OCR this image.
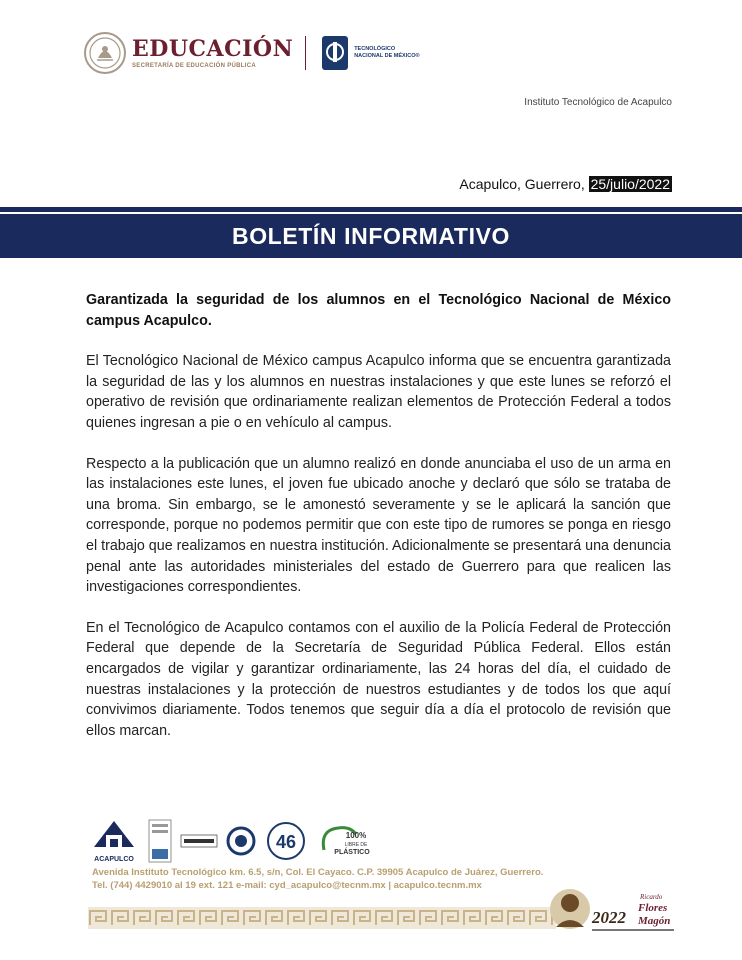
EDUCACIÓN
SECRETARÍA DE EDUCACIÓN PÚBLICA
TECNOLÓGICO
NACIONAL DE MÉXICO®
Instituto Tecnológico de Acapulco
Acapulco, Guerrero, 25/julio/2022
BOLETÍN INFORMATIVO
Garantizada la seguridad de los alumnos en el Tecnológico Nacional de México campus Acapulco.
El Tecnológico Nacional de México campus Acapulco informa que se encuentra garantizada la seguridad de las y los alumnos en nuestras instalaciones y que este lunes se reforzó el operativo de revisión que ordinariamente realizan elementos de Protección Federal a todos quienes ingresan a pie o en vehículo al campus.
Respecto a la publicación que un alumno realizó en donde anunciaba el uso de un arma en las instalaciones este lunes, el joven fue ubicado anoche y declaró que sólo se trataba de una broma. Sin embargo, se le amonestó severamente y se le aplicará la sanción que corresponde, porque no podemos permitir que con este tipo de rumores se ponga en riesgo el trabajo que realizamos en nuestra institución. Adicionalmente se presentará una denuncia penal ante las autoridades ministeriales del estado de Guerrero para que realicen las investigaciones correspondientes.
En el Tecnológico de Acapulco contamos con el auxilio de la Policía Federal de Protección Federal que depende de la Secretaría de Seguridad Pública Federal. Ellos están encargados de vigilar y garantizar ordinariamente, las 24 horas del día, el cuidado de nuestras instalaciones y la protección de nuestros estudiantes y de todos los que aquí convivimos diariamente. Todos tenemos que seguir día a día el protocolo de revisión que ellos marcan.
ACAPULCO
46	100%
LIBRE DE
PLÁSTICO
Avenida Instituto Tecnológico km. 6.5, s/n, Col. El Cayaco. C.P. 39905 Acapulco de Juárez, Guerrero.
Tel. (744) 4429010 al 19 ext. 121 e-mail: cyd_acapulco@tecnm.mx | acapulco.tecnm.mx
2022
Ricardo
Flores
Magón
